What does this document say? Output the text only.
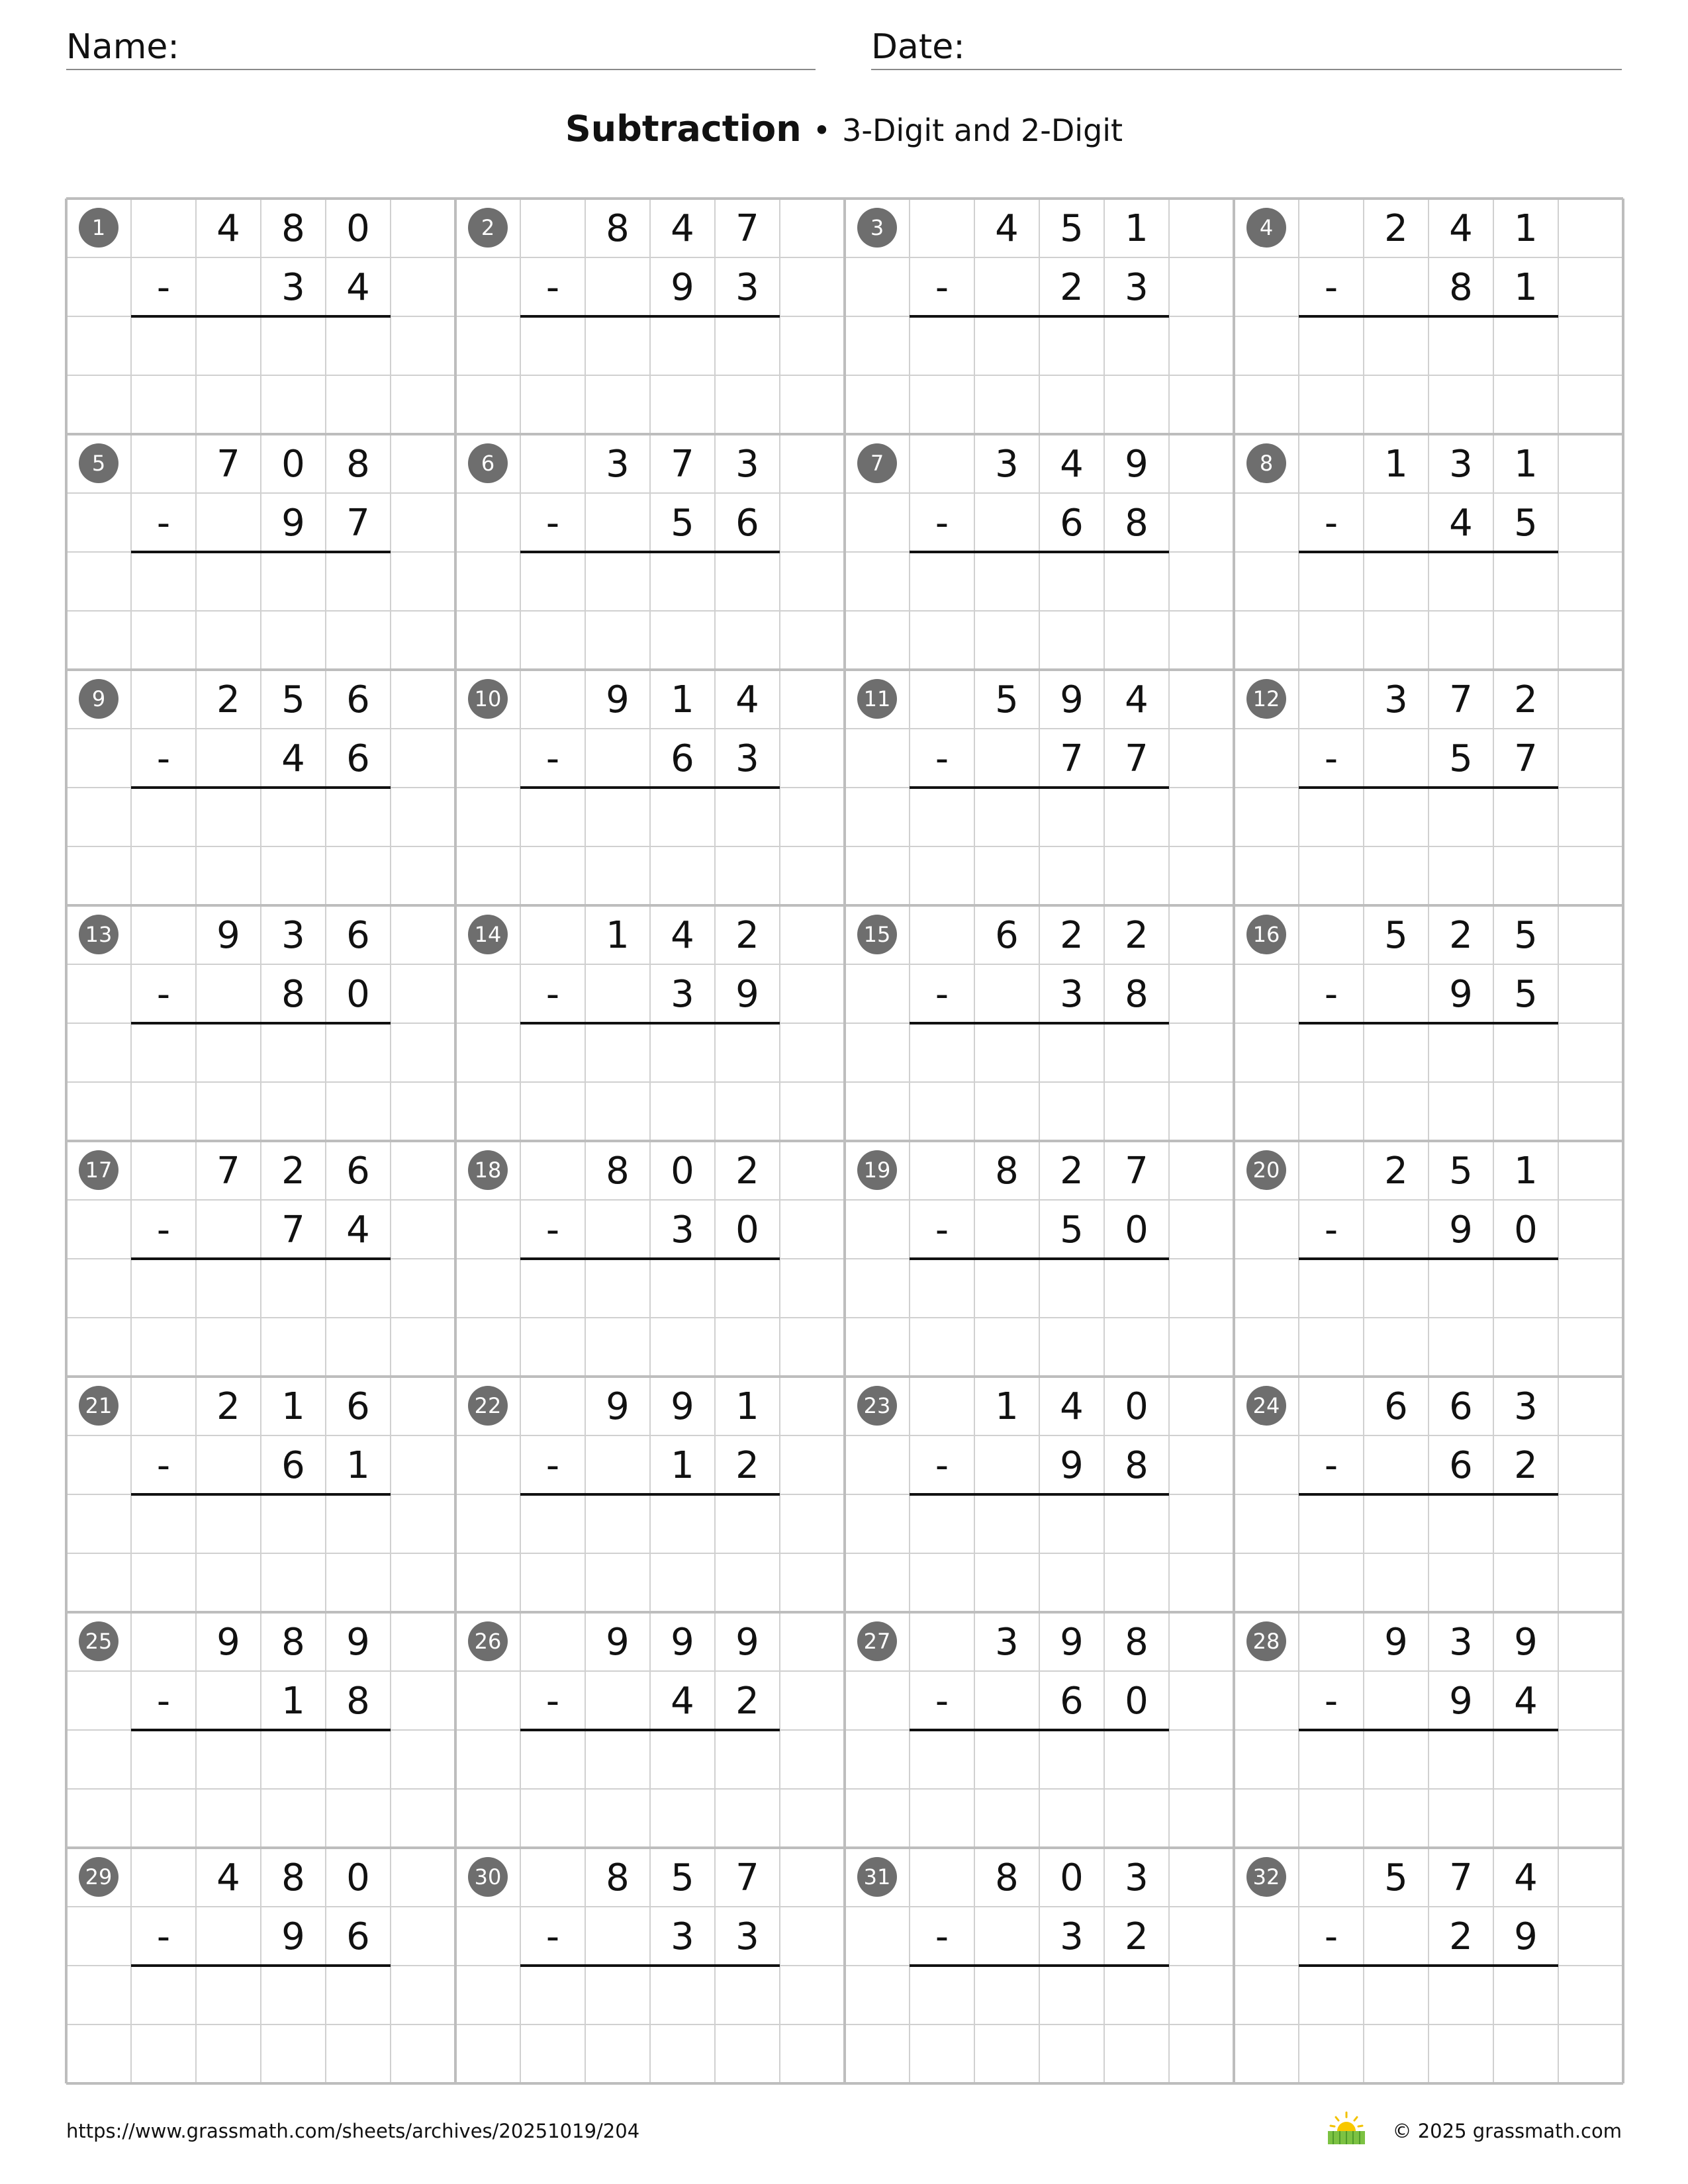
Name:	Date:
Subtraction • 3-Digit and 2-Digit
1	4 8 0
-	3 4
2	8 4 7
-	9 3
3	4 5 1
-	2 3
4	2 4 1
-	8 1
5	7 0 8
-	9 7
6	3 7 3
-	5 6
7	3 4 9
-	6 8
8	1 3 1
-	4 5
9	2 5 6
-	4 6
10	9 1 4
-	6 3
11	5 9 4
-	7 7
12	3 7 2
-	5 7
13	9 3 6
-	8 0
14	1 4 2
-	3 9
15	6 2 2
-	3 8
16	5 2 5
-	9 5
17	7 2 6
-	7 4
18	8 0 2
-	3 0
19	8 2 7
-	5 0
20	2 5 1
-	9 0
21	2 1 6
-	6 1
22	9 9 1
-	1 2
23	1 4 0
-	9 8
24	6 6 3
-	6 2
25	9 8 9
-	1 8
26	9 9 9
-	4 2
27	3 9 8
-	6 0
28	9 3 9
-	9 4
29	4 8 0
-	9 6
30	8 5 7
-	3 3
31	8 0 3
-	3 2
32	5 7 4
-	2 9
https://www.grassmath.com/sheets/archives/20251019/204	© 2025 grassmath.com
